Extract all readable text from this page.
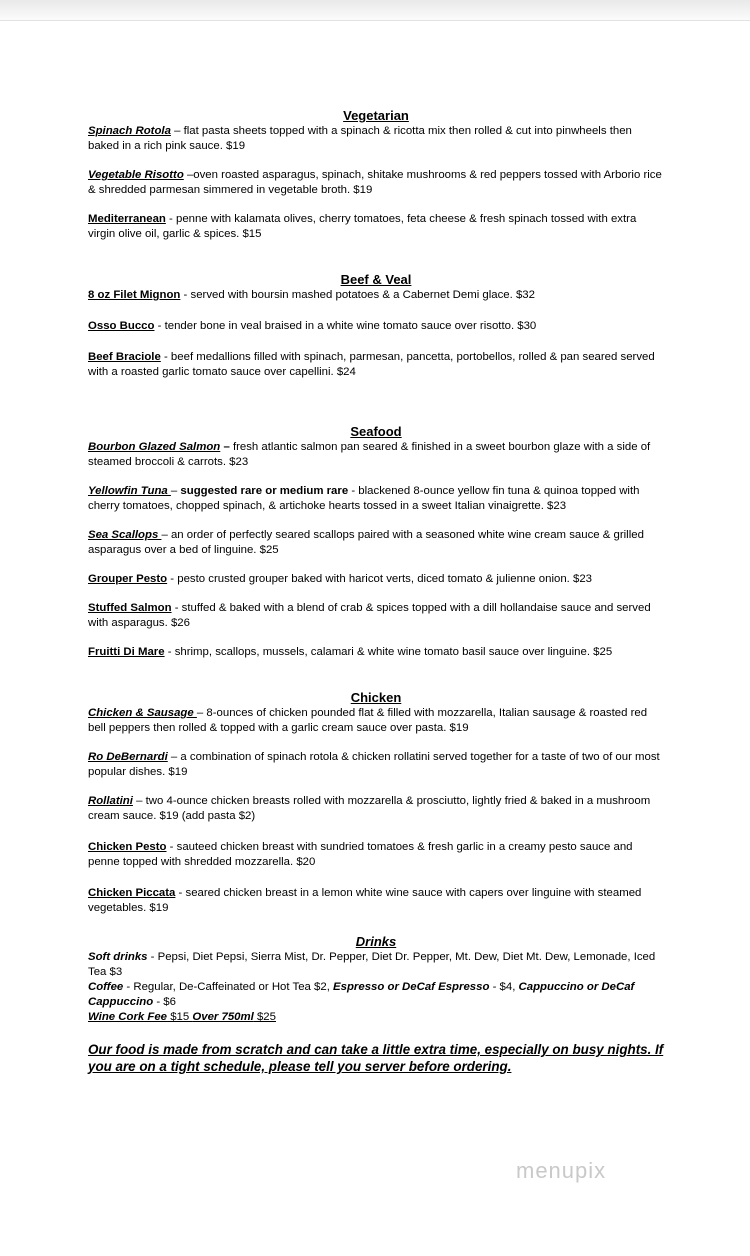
Vegetarian

Spinach Rotola – flat pasta sheets topped with a spinach & ricotta mix then rolled & cut into pinwheels then baked in a rich pink sauce. $19

Vegetable Risotto –oven roasted asparagus, spinach, shitake mushrooms & red peppers tossed with Arborio rice & shredded parmesan simmered in vegetable broth. $19

Mediterranean - penne with kalamata olives, cherry tomatoes, feta cheese & fresh spinach tossed with extra virgin olive oil, garlic & spices. $15

Beef & Veal

8 oz Filet Mignon - served with boursin mashed potatoes & a Cabernet Demi glace. $32

Osso Bucco - tender bone in veal braised in a white wine tomato sauce over risotto. $30

Beef Braciole - beef medallions filled with spinach, parmesan, pancetta, portobellos, rolled & pan seared served with a roasted garlic tomato sauce over capellini. $24

Seafood

Bourbon Glazed Salmon – fresh atlantic salmon pan seared & finished in a sweet bourbon glaze with a side of steamed broccoli & carrots. $23

Yellowfin Tuna – suggested rare or medium rare - blackened 8-ounce yellow fin tuna & quinoa topped with cherry tomatoes, chopped spinach, & artichoke hearts tossed in a sweet Italian vinaigrette. $23

Sea Scallops – an order of perfectly seared scallops paired with a seasoned white wine cream sauce & grilled asparagus over a bed of linguine. $25

Grouper Pesto - pesto crusted grouper baked with haricot verts, diced tomato & julienne onion. $23

Stuffed Salmon - stuffed & baked with a blend of crab & spices topped with a dill hollandaise sauce and served with asparagus. $26

Fruitti Di Mare - shrimp, scallops, mussels, calamari & white wine tomato basil sauce over linguine. $25

Chicken

Chicken & Sausage – 8-ounces of chicken pounded flat & filled with mozzarella, Italian sausage & roasted red bell peppers then rolled & topped with a garlic cream sauce over pasta. $19

Ro DeBernardi – a combination of spinach rotola & chicken rollatini served together for a taste of two of our most popular dishes. $19

Rollatini – two 4-ounce chicken breasts rolled with mozzarella & prosciutto, lightly fried & baked in a mushroom cream sauce. $19 (add pasta $2)

Chicken Pesto - sauteed chicken breast with sundried tomatoes & fresh garlic in a creamy pesto sauce and penne topped with shredded mozzarella. $20

Chicken Piccata - seared chicken breast in a lemon white wine sauce with capers over linguine with steamed vegetables. $19

Drinks

Soft drinks - Pepsi, Diet Pepsi, Sierra Mist, Dr. Pepper, Diet Dr. Pepper, Mt. Dew, Diet Mt. Dew, Lemonade, Iced Tea $3

Coffee - Regular, De-Caffeinated or Hot Tea $2, Espresso or DeCaf Espresso - $4, Cappuccino or DeCaf Cappuccino - $6

Wine Cork Fee $15 Over 750ml $25

Our food is made from scratch and can take a little extra time, especially on busy nights. If you are on a tight schedule, please tell you server before ordering.

menupix
